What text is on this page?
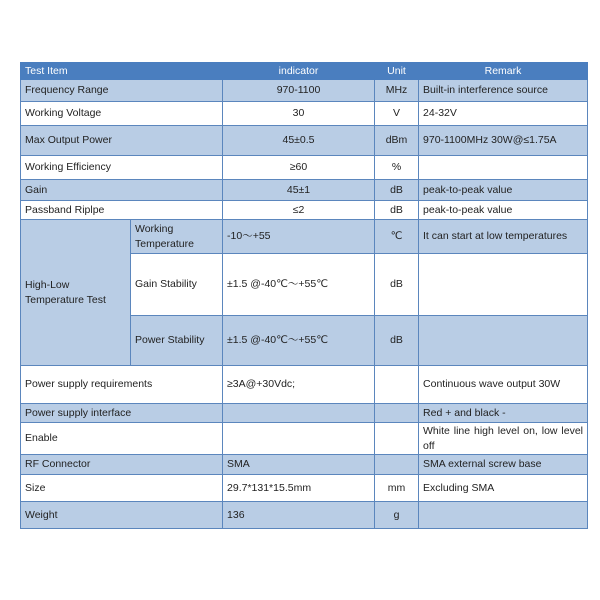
Test Item		indicator	Unit	Remark
Frequency Range		970-1100	MHz	Built-in interference source
Working Voltage		30	V	24-32V
Max Output Power		45±0.5	dBm	970-1100MHz 30W@≤1.75A
Working Efficiency		≥60	%	
Gain		45±1	dB	peak-to-peak value
Passband Riplpe		≤2	dB	peak-to-peak value
High-Low Temperature Test	Working Temperature	-10～+55	℃	It can start at low temperatures
	Gain Stability	±1.5 @-40℃～+55℃	dB	
	Power Stability	±1.5 @-40℃～+55℃	dB	
Power supply requirements		≥3A@+30Vdc;		Continuous wave output 30W
Power supply interface				Red + and black -
Enable				White line high level on, low level off
RF Connector		SMA		SMA external screw base
Size		29.7*131*15.5mm	mm	Excluding SMA
Weight		136	g	
